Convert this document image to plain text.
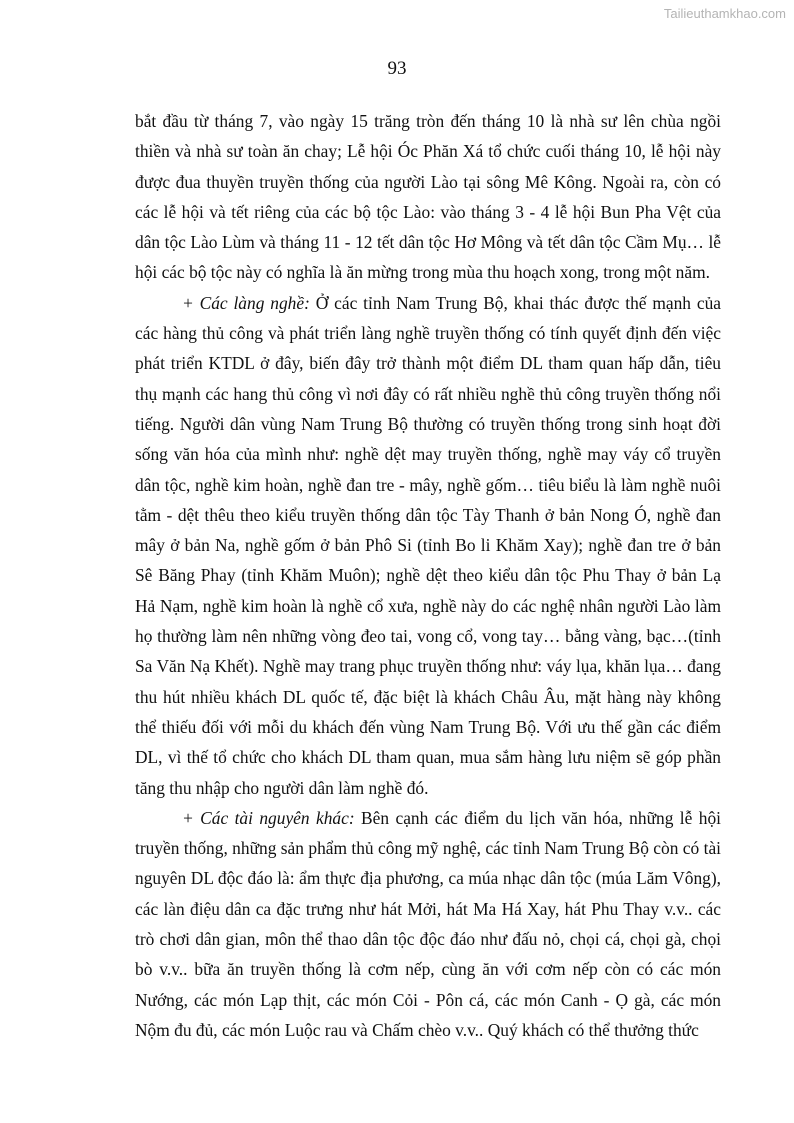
Tailieuthamkhao.com
93

bắt đầu từ tháng 7, vào ngày 15 trăng tròn đến tháng 10 là nhà sư lên chùa ngồi thiền và nhà sư toàn ăn chay; Lễ hội Óc Phăn Xá tổ chức cuối tháng 10, lễ hội này được đua thuyền truyền thống của người Lào tại sông Mê Kông. Ngoài ra, còn có các lễ hội và tết riêng của các bộ tộc Lào: vào tháng 3 - 4 lễ hội Bun Pha Vệt của dân tộc Lào Lùm và tháng 11 - 12 tết dân tộc Hơ Mông và tết dân tộc Cầm Mụ… lễ hội các bộ tộc này có nghĩa là ăn mừng trong mùa thu hoạch xong, trong một năm.

+ Các làng nghề: Ở các tỉnh Nam Trung Bộ, khai thác được thế mạnh của các hàng thủ công và phát triển làng nghề truyền thống có tính quyết định đến việc phát triển KTDL ở đây, biến đây trở thành một điểm DL tham quan hấp dẫn, tiêu thụ mạnh các hang thủ công vì nơi đây có rất nhiều nghề thủ công truyền thống nổi tiếng. Người dân vùng Nam Trung Bộ thường có truyền thống trong sinh hoạt đời sống văn hóa của mình như: nghề dệt may truyền thống, nghề may váy cổ truyền dân tộc, nghề kim hoàn, nghề đan tre - mây, nghề gốm… tiêu biểu là làm nghề nuôi tằm - dệt thêu theo kiểu truyền thống dân tộc Tày Thanh ở bản Nong Ó, nghề đan mây ở bản Na, nghề gốm ở bản Phô Si (tỉnh Bo li Khăm Xay); nghề đan tre ở bản Sê Băng Phay (tỉnh Khăm Muôn); nghề dệt theo kiểu dân tộc Phu Thay ở bản Lạ Hả Nạm, nghề kim hoàn là nghề cổ xưa, nghề này do các nghệ nhân người Lào làm họ thường làm nên những vòng đeo tai, vong cổ, vong tay… bằng vàng, bạc…(tỉnh Sa Văn Nạ Khết). Nghề may trang phục truyền thống như: váy lụa, khăn lụa… đang thu hút nhiều khách DL quốc tế, đặc biệt là khách Châu Âu, mặt hàng này không thể thiếu đối với mỗi du khách đến vùng Nam Trung Bộ. Với ưu thế gần các điểm DL, vì thế tổ chức cho khách DL tham quan, mua sắm hàng lưu niệm sẽ góp phần tăng thu nhập cho người dân làm nghề đó.

+ Các tài nguyên khác: Bên cạnh các điểm du lịch văn hóa, những lễ hội truyền thống, những sản phẩm thủ công mỹ nghệ, các tỉnh Nam Trung Bộ còn có tài nguyên DL độc đáo là: ẩm thực địa phương, ca múa nhạc dân tộc (múa Lăm Vông), các làn điệu dân ca đặc trưng như hát Mởi, hát Ma Há Xay, hát Phu Thay v.v.. các trò chơi dân gian, môn thể thao dân tộc độc đáo như đấu nỏ, chọi cá, chọi gà, chọi bò v.v.. bữa ăn truyền thống là cơm nếp, cùng ăn với cơm nếp còn có các món Nướng, các món Lạp thịt, các món Cỏi - Pôn cá, các món Canh - Ọ gà, các món Nộm đu đủ, các món Luộc rau và Chấm chèo v.v.. Quý khách có thể thưởng thức
